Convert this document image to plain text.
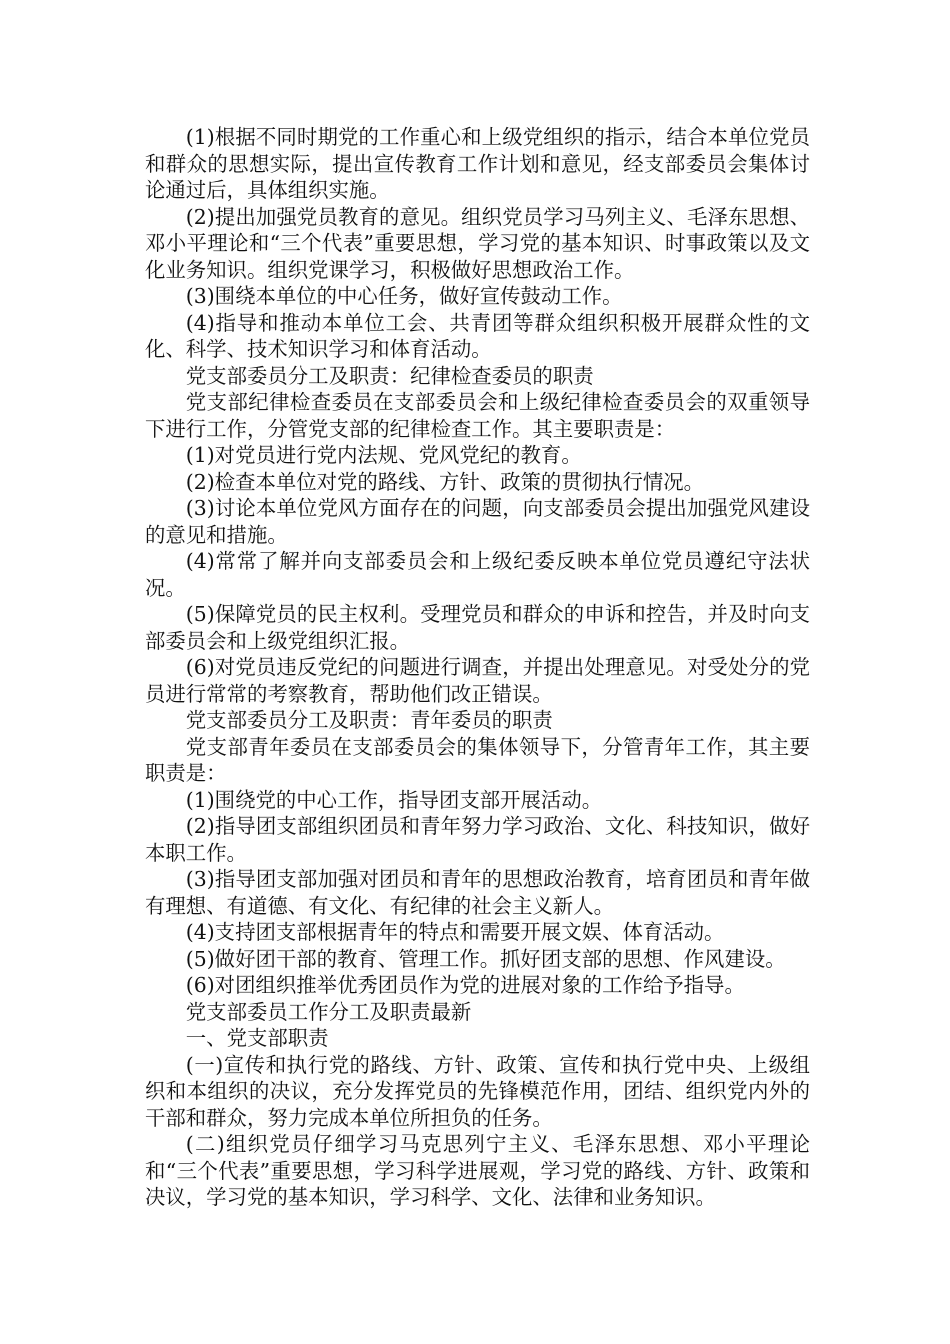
(1)根据不同时期党的工作重心和上级党组织的指示，结合本单位党员和群众的思想实际，提出宣传教育工作计划和意见，经支部委员会集体讨论通过后，具体组织实施。

(2)提出加强党员教育的意见。组织党员学习马列主义、毛泽东思想、邓小平理论和“三个代表”重要思想，学习党的基本知识、时事政策以及文化业务知识。组织党课学习，积极做好思想政治工作。

(3)围绕本单位的中心任务，做好宣传鼓动工作。

(4)指导和推动本单位工会、共青团等群众组织积极开展群众性的文化、科学、技术知识学习和体育活动。

党支部委员分工及职责：纪律检查委员的职责

党支部纪律检查委员在支部委员会和上级纪律检查委员会的双重领导下进行工作，分管党支部的纪律检查工作。其主要职责是：

(1)对党员进行党内法规、党风党纪的教育。

(2)检查本单位对党的路线、方针、政策的贯彻执行情况。

(3)讨论本单位党风方面存在的问题，向支部委员会提出加强党风建设的意见和措施。

(4)常常了解并向支部委员会和上级纪委反映本单位党员遵纪守法状况。

(5)保障党员的民主权利。受理党员和群众的申诉和控告，并及时向支部委员会和上级党组织汇报。

(6)对党员违反党纪的问题进行调查，并提出处理意见。对受处分的党员进行常常的考察教育，帮助他们改正错误。

党支部委员分工及职责：青年委员的职责

党支部青年委员在支部委员会的集体领导下，分管青年工作，其主要职责是：

(1)围绕党的中心工作，指导团支部开展活动。

(2)指导团支部组织团员和青年努力学习政治、文化、科技知识，做好本职工作。

(3)指导团支部加强对团员和青年的思想政治教育，培育团员和青年做有理想、有道德、有文化、有纪律的社会主义新人。

(4)支持团支部根据青年的特点和需要开展文娱、体育活动。

(5)做好团干部的教育、管理工作。抓好团支部的思想、作风建设。

(6)对团组织推举优秀团员作为党的进展对象的工作给予指导。

党支部委员工作分工及职责最新

一、党支部职责

(一)宣传和执行党的路线、方针、政策、宣传和执行党中央、上级组织和本组织的决议，充分发挥党员的先锋模范作用，团结、组织党内外的干部和群众，努力完成本单位所担负的任务。

(二)组织党员仔细学习马克思列宁主义、毛泽东思想、邓小平理论和“三个代表”重要思想，学习科学进展观，学习党的路线、方针、政策和决议，学习党的基本知识，学习科学、文化、法律和业务知识。
